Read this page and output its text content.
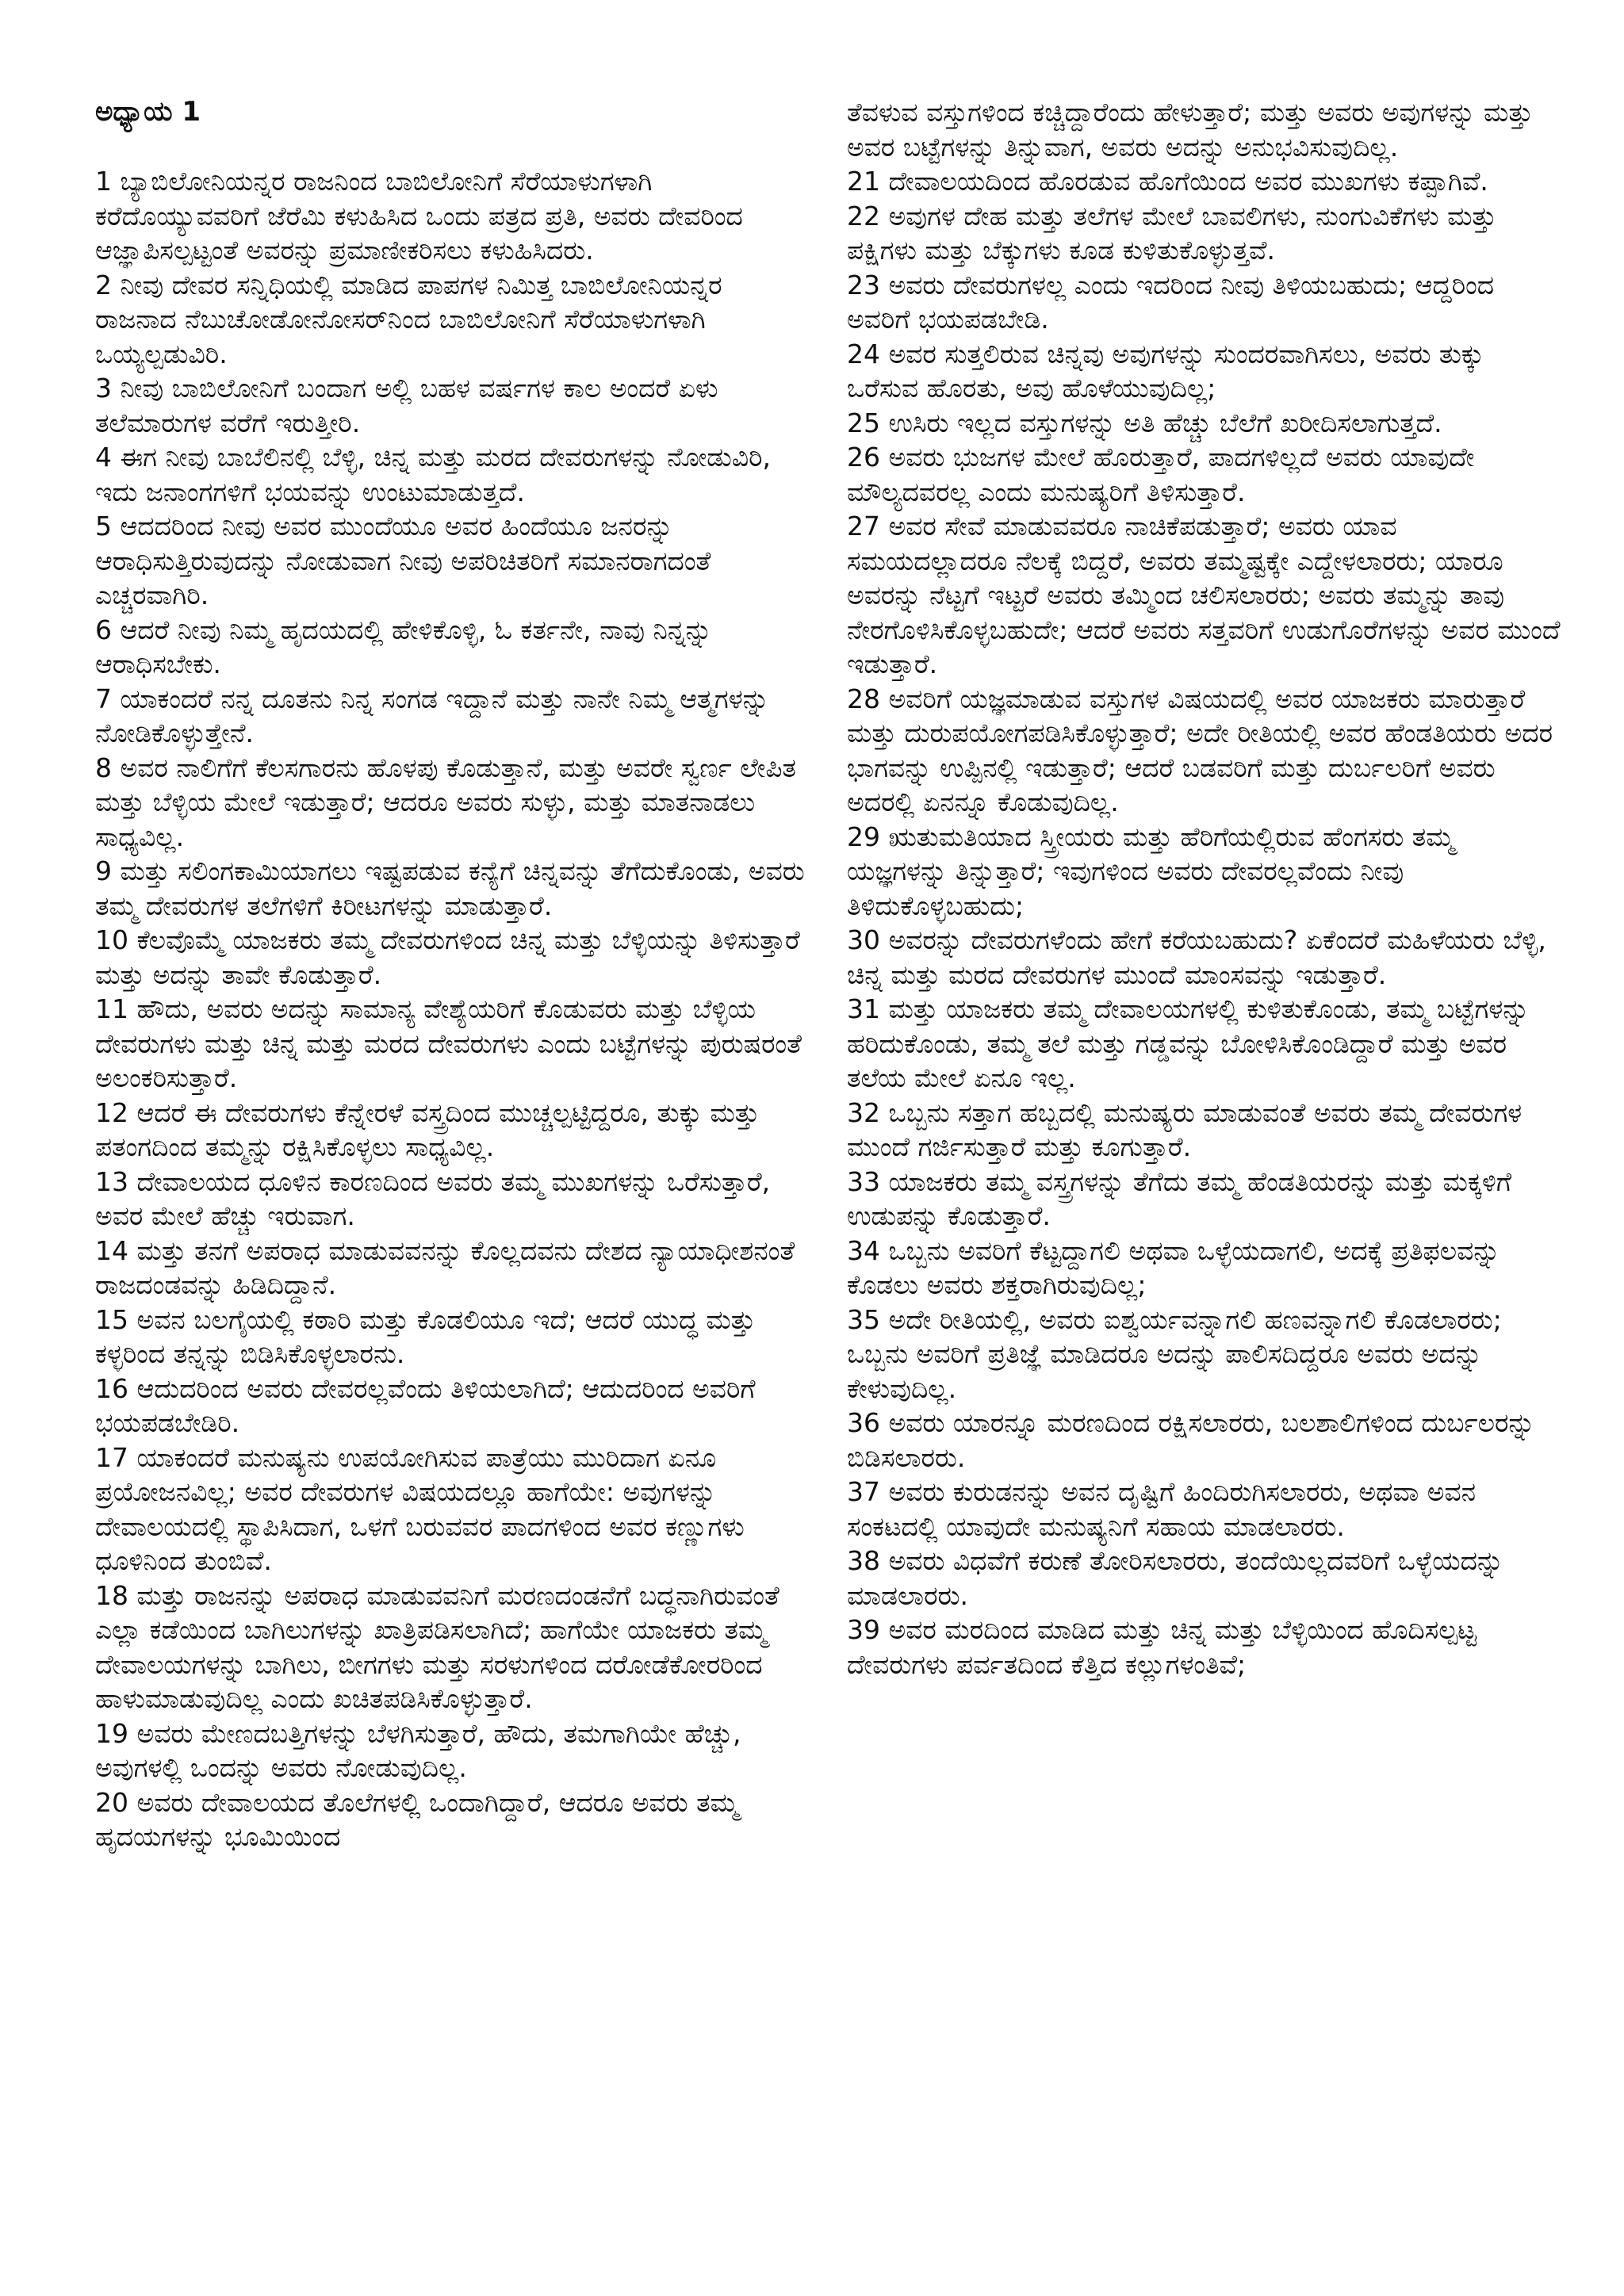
ಅಧ್ಯಾಯ 1

1 ಬ್ಯಾಬಿಲೋನಿಯನ್ನರ ರಾಜನಿಂದ ಬಾಬಿಲೋನಿಗೆ ಸೆರೆಯಾಳುಗಳಾಗಿ ಕರೆದೊಯ್ಯುವವರಿಗೆ ಜೆರೆಮಿ ಕಳುಹಿಸಿದ ಒಂದು ಪತ್ರದ ಪ್ರತಿ, ಅವರು ದೇವರಿಂದ ಆಜ್ಞಾಪಿಸಲ್ಪಟ್ಟಂತೆ ಅವರನ್ನು ಪ್ರಮಾಣೀಕರಿಸಲು ಕಳುಹಿಸಿದರು.

2 ನೀವು ದೇವರ ಸನ್ನಿಧಿಯಲ್ಲಿ ಮಾಡಿದ ಪಾಪಗಳ ನಿಮಿತ್ತ ಬಾಬಿಲೋನಿಯನ್ನರ ರಾಜನಾದ ನೆಬುಚೋಡೋನೋಸರ್‌ನಿಂದ ಬಾಬಿಲೋನಿಗೆ ಸೆರೆಯಾಳುಗಳಾಗಿ ಒಯ್ಯಲ್ಪಡುವಿರಿ.

3 ನೀವು ಬಾಬಿಲೋನಿಗೆ ಬಂದಾಗ ಅಲ್ಲಿ ಬಹಳ ವರ್ಷಗಳ ಕಾಲ ಅಂದರೆ ಏಳು ತಲೆಮಾರುಗಳ ವರೆಗೆ ಇರುತ್ತೀರಿ.

4 ಈಗ ನೀವು ಬಾಬೆಲಿನಲ್ಲಿ ಬೆಳ್ಳಿ, ಚಿನ್ನ ಮತ್ತು ಮರದ ದೇವರುಗಳನ್ನು ನೋಡುವಿರಿ, ಇದು ಜನಾಂಗಗಳಿಗೆ ಭಯವನ್ನು ಉಂಟುಮಾಡುತ್ತದೆ.

5 ಆದದರಿಂದ ನೀವು ಅವರ ಮುಂದೆಯೂ ಅವರ ಹಿಂದೆಯೂ ಜನರನ್ನು ಆರಾಧಿಸುತ್ತಿರುವುದನ್ನು ನೋಡುವಾಗ ನೀವು ಅಪರಿಚಿತರಿಗೆ ಸಮಾನರಾಗದಂತೆ ಎಚ್ಚರವಾಗಿರಿ.

6 ಆದರೆ ನೀವು ನಿಮ್ಮ ಹೃದಯದಲ್ಲಿ ಹೇಳಿಕೊಳ್ಳಿ, ಓ ಕರ್ತನೇ, ನಾವು ನಿನ್ನನ್ನು ಆರಾಧಿಸಬೇಕು.

7 ಯಾಕಂದರೆ ನನ್ನ ದೂತನು ನಿನ್ನ ಸಂಗಡ ಇದ್ದಾನೆ ಮತ್ತು ನಾನೇ ನಿಮ್ಮ ಆತ್ಮಗಳನ್ನು ನೋಡಿಕೊಳ್ಳುತ್ತೇನೆ.

8 ಅವರ ನಾಲಿಗೆಗೆ ಕೆಲಸಗಾರನು ಹೊಳಪು ಕೊಡುತ್ತಾನೆ, ಮತ್ತು ಅವರೇ ಸ್ವರ್ಣ ಲೇಪಿತ ಮತ್ತು ಬೆಳ್ಳಿಯ ಮೇಲೆ ಇಡುತ್ತಾರೆ; ಆದರೂ ಅವರು ಸುಳ್ಳು, ಮತ್ತು ಮಾತನಾಡಲು ಸಾಧ್ಯವಿಲ್ಲ.

9 ಮತ್ತು ಸಲಿಂಗಕಾಮಿಯಾಗಲು ಇಷ್ಟಪಡುವ ಕನ್ಯೆಗೆ ಚಿನ್ನವನ್ನು ತೆಗೆದುಕೊಂಡು, ಅವರು ತಮ್ಮ ದೇವರುಗಳ ತಲೆಗಳಿಗೆ ಕಿರೀಟಗಳನ್ನು ಮಾಡುತ್ತಾರೆ.

10 ಕೆಲವೊಮ್ಮೆ ಯಾಜಕರು ತಮ್ಮ ದೇವರುಗಳಿಂದ ಚಿನ್ನ ಮತ್ತು ಬೆಳ್ಳಿಯನ್ನು ತಿಳಿಸುತ್ತಾರೆ ಮತ್ತು ಅದನ್ನು ತಾವೇ ಕೊಡುತ್ತಾರೆ.

11 ಹೌದು, ಅವರು ಅದನ್ನು ಸಾಮಾನ್ಯ ವೇಶ್ಯೆಯರಿಗೆ ಕೊಡುವರು ಮತ್ತು ಬೆಳ್ಳಿಯ ದೇವರುಗಳು ಮತ್ತು ಚಿನ್ನ ಮತ್ತು ಮರದ ದೇವರುಗಳು ಎಂದು ಬಟ್ಟೆಗಳನ್ನು ಪುರುಷರಂತೆ ಅಲಂಕರಿಸುತ್ತಾರೆ.

12 ಆದರೆ ಈ ದೇವರುಗಳು ಕೆನ್ನೇರಳೆ ವಸ್ತ್ರದಿಂದ ಮುಚ್ಚಲ್ಪಟ್ಟಿದ್ದರೂ, ತುಕ್ಕು ಮತ್ತು ಪತಂಗದಿಂದ ತಮ್ಮನ್ನು ರಕ್ಷಿಸಿಕೊಳ್ಳಲು ಸಾಧ್ಯವಿಲ್ಲ.

13 ದೇವಾಲಯದ ಧೂಳಿನ ಕಾರಣದಿಂದ ಅವರು ತಮ್ಮ ಮುಖಗಳನ್ನು ಒರೆಸುತ್ತಾರೆ, ಅವರ ಮೇಲೆ ಹೆಚ್ಚು ಇರುವಾಗ.

14 ಮತ್ತು ತನಗೆ ಅಪರಾಧ ಮಾಡುವವನನ್ನು ಕೊಲ್ಲದವನು ದೇಶದ ನ್ಯಾಯಾಧೀಶನಂತೆ ರಾಜದಂಡವನ್ನು ಹಿಡಿದಿದ್ದಾನೆ.

15 ಅವನ ಬಲಗೈಯಲ್ಲಿ ಕಠಾರಿ ಮತ್ತು ಕೊಡಲಿಯೂ ಇದೆ; ಆದರೆ ಯುದ್ಧ ಮತ್ತು ಕಳ್ಳರಿಂದ ತನ್ನನ್ನು ಬಿಡಿಸಿಕೊಳ್ಳಲಾರನು.

16 ಆದುದರಿಂದ ಅವರು ದೇವರಲ್ಲವೆಂದು ತಿಳಿಯಲಾಗಿದೆ; ಆದುದರಿಂದ ಅವರಿಗೆ ಭಯಪಡಬೇಡಿರಿ.

17 ಯಾಕಂದರೆ ಮನುಷ್ಯನು ಉಪಯೋಗಿಸುವ ಪಾತ್ರೆಯು ಮುರಿದಾಗ ಏನೂ ಪ್ರಯೋಜನವಿಲ್ಲ; ಅವರ ದೇವರುಗಳ ವಿಷಯದಲ್ಲೂ ಹಾಗೆಯೇ: ಅವುಗಳನ್ನು ದೇವಾಲಯದಲ್ಲಿ ಸ್ಥಾಪಿಸಿದಾಗ, ಒಳಗೆ ಬರುವವರ ಪಾದಗಳಿಂದ ಅವರ ಕಣ್ಣುಗಳು ಧೂಳಿನಿಂದ ತುಂಬಿವೆ.

18 ಮತ್ತು ರಾಜನನ್ನು ಅಪರಾಧ ಮಾಡುವವನಿಗೆ ಮರಣದಂಡನೆಗೆ ಬದ್ಧನಾಗಿರುವಂತೆ ಎಲ್ಲಾ ಕಡೆಯಿಂದ ಬಾಗಿಲುಗಳನ್ನು ಖಾತ್ರಿಪಡಿಸಲಾಗಿದೆ; ಹಾಗೆಯೇ ಯಾಜಕರು ತಮ್ಮ ದೇವಾಲಯಗಳನ್ನು ಬಾಗಿಲು, ಬೀಗಗಳು ಮತ್ತು ಸರಳುಗಳಿಂದ ದರೋಡೆಕೋರರಿಂದ ಹಾಳುಮಾಡುವುದಿಲ್ಲ ಎಂದು ಖಚಿತಪಡಿಸಿಕೊಳ್ಳುತ್ತಾರೆ.

19 ಅವರು ಮೇಣದಬತ್ತಿಗಳನ್ನು ಬೆಳಗಿಸುತ್ತಾರೆ, ಹೌದು, ತಮಗಾಗಿಯೇ ಹೆಚ್ಚು, ಅವುಗಳಲ್ಲಿ ಒಂದನ್ನು ಅವರು ನೋಡುವುದಿಲ್ಲ.

20 ಅವರು ದೇವಾಲಯದ ತೊಲೆಗಳಲ್ಲಿ ಒಂದಾಗಿದ್ದಾರೆ, ಆದರೂ ಅವರು ತಮ್ಮ ಹೃದಯಗಳನ್ನು ಭೂಮಿಯಿಂದ

ತೆವಳುವ ವಸ್ತುಗಳಿಂದ ಕಚ್ಚಿದ್ದಾರೆಂದು ಹೇಳುತ್ತಾರೆ; ಮತ್ತು ಅವರು ಅವುಗಳನ್ನು ಮತ್ತು ಅವರ ಬಟ್ಟೆಗಳನ್ನು ತಿನ್ನುವಾಗ, ಅವರು ಅದನ್ನು ಅನುಭವಿಸುವುದಿಲ್ಲ.

21 ದೇವಾಲಯದಿಂದ ಹೊರಡುವ ಹೊಗೆಯಿಂದ ಅವರ ಮುಖಗಳು ಕಪ್ಪಾಗಿವೆ.

22 ಅವುಗಳ ದೇಹ ಮತ್ತು ತಲೆಗಳ ಮೇಲೆ ಬಾವಲಿಗಳು, ನುಂಗುವಿಕೆಗಳು ಮತ್ತು ಪಕ್ಷಿಗಳು ಮತ್ತು ಬೆಕ್ಕುಗಳು ಕೂಡ ಕುಳಿತುಕೊಳ್ಳುತ್ತವೆ.

23 ಅವರು ದೇವರುಗಳಲ್ಲ ಎಂದು ಇದರಿಂದ ನೀವು ತಿಳಿಯಬಹುದು; ಆದ್ದರಿಂದ ಅವರಿಗೆ ಭಯಪಡಬೇಡಿ.

24 ಅವರ ಸುತ್ತಲಿರುವ ಚಿನ್ನವು ಅವುಗಳನ್ನು ಸುಂದರವಾಗಿಸಲು, ಅವರು ತುಕ್ಕು ಒರೆಸುವ ಹೊರತು, ಅವು ಹೊಳೆಯುವುದಿಲ್ಲ;

25 ಉಸಿರು ಇಲ್ಲದ ವಸ್ತುಗಳನ್ನು ಅತಿ ಹೆಚ್ಚು ಬೆಲೆಗೆ ಖರೀದಿಸಲಾಗುತ್ತದೆ.

26 ಅವರು ಭುಜಗಳ ಮೇಲೆ ಹೊರುತ್ತಾರೆ, ಪಾದಗಳಿಲ್ಲದೆ ಅವರು ಯಾವುದೇ ಮೌಲ್ಯದವರಲ್ಲ ಎಂದು ಮನುಷ್ಯರಿಗೆ ತಿಳಿಸುತ್ತಾರೆ.

27 ಅವರ ಸೇವೆ ಮಾಡುವವರೂ ನಾಚಿಕೆಪಡುತ್ತಾರೆ; ಅವರು ಯಾವ ಸಮಯದಲ್ಲಾದರೂ ನೆಲಕ್ಕೆ ಬಿದ್ದರೆ, ಅವರು ತಮ್ಮಷ್ಟಕ್ಕೇ ಎದ್ದೇಳಲಾರರು; ಯಾರೂ ಅವರನ್ನು ನೆಟ್ಟಗೆ ಇಟ್ಟರೆ ಅವರು ತಮ್ಮಿಂದ ಚಲಿಸಲಾರರು; ಅವರು ತಮ್ಮನ್ನು ತಾವು ನೇರಗೊಳಿಸಿಕೊಳ್ಳಬಹುದೇ; ಆದರೆ ಅವರು ಸತ್ತವರಿಗೆ ಉಡುಗೊರೆಗಳನ್ನು ಅವರ ಮುಂದೆ ಇಡುತ್ತಾರೆ.

28 ಅವರಿಗೆ ಯಜ್ಞಮಾಡುವ ವಸ್ತುಗಳ ವಿಷಯದಲ್ಲಿ ಅವರ ಯಾಜಕರು ಮಾರುತ್ತಾರೆ ಮತ್ತು ದುರುಪಯೋಗಪಡಿಸಿಕೊಳ್ಳುತ್ತಾರೆ; ಅದೇ ರೀತಿಯಲ್ಲಿ ಅವರ ಹೆಂಡತಿಯರು ಅದರ ಭಾಗವನ್ನು ಉಪ್ಪಿನಲ್ಲಿ ಇಡುತ್ತಾರೆ; ಆದರೆ ಬಡವರಿಗೆ ಮತ್ತು ದುರ್ಬಲರಿಗೆ ಅವರು ಅದರಲ್ಲಿ ಏನನ್ನೂ ಕೊಡುವುದಿಲ್ಲ.

29 ಋತುಮತಿಯಾದ ಸ್ತ್ರೀಯರು ಮತ್ತು ಹೆರಿಗೆಯಲ್ಲಿರುವ ಹೆಂಗಸರು ತಮ್ಮ ಯಜ್ಞಗಳನ್ನು ತಿನ್ನುತ್ತಾರೆ; ಇವುಗಳಿಂದ ಅವರು ದೇವರಲ್ಲವೆಂದು ನೀವು ತಿಳಿದುಕೊಳ್ಳಬಹುದು;

30 ಅವರನ್ನು ದೇವರುಗಳೆಂದು ಹೇಗೆ ಕರೆಯಬಹುದು? ಏಕೆಂದರೆ ಮಹಿಳೆಯರು ಬೆಳ್ಳಿ, ಚಿನ್ನ ಮತ್ತು ಮರದ ದೇವರುಗಳ ಮುಂದೆ ಮಾಂಸವನ್ನು ಇಡುತ್ತಾರೆ.

31 ಮತ್ತು ಯಾಜಕರು ತಮ್ಮ ದೇವಾಲಯಗಳಲ್ಲಿ ಕುಳಿತುಕೊಂಡು, ತಮ್ಮ ಬಟ್ಟೆಗಳನ್ನು ಹರಿದುಕೊಂಡು, ತಮ್ಮ ತಲೆ ಮತ್ತು ಗಡ್ಡವನ್ನು ಬೋಳಿಸಿಕೊಂಡಿದ್ದಾರೆ ಮತ್ತು ಅವರ ತಲೆಯ ಮೇಲೆ ಏನೂ ಇಲ್ಲ.

32 ಒಬ್ಬನು ಸತ್ತಾಗ ಹಬ್ಬದಲ್ಲಿ ಮನುಷ್ಯರು ಮಾಡುವಂತೆ ಅವರು ತಮ್ಮ ದೇವರುಗಳ ಮುಂದೆ ಗರ್ಜಿಸುತ್ತಾರೆ ಮತ್ತು ಕೂಗುತ್ತಾರೆ.

33 ಯಾಜಕರು ತಮ್ಮ ವಸ್ತ್ರಗಳನ್ನು ತೆಗೆದು ತಮ್ಮ ಹೆಂಡತಿಯರನ್ನು ಮತ್ತು ಮಕ್ಕಳಿಗೆ ಉಡುಪನ್ನು ಕೊಡುತ್ತಾರೆ.

34 ಒಬ್ಬನು ಅವರಿಗೆ ಕೆಟ್ಟದ್ದಾಗಲಿ ಅಥವಾ ಒಳ್ಳೆಯದಾಗಲಿ, ಅದಕ್ಕೆ ಪ್ರತಿಫಲವನ್ನು ಕೊಡಲು ಅವರು ಶಕ್ತರಾಗಿರುವುದಿಲ್ಲ;

35 ಅದೇ ರೀತಿಯಲ್ಲಿ, ಅವರು ಐಶ್ವರ್ಯವನ್ನಾಗಲಿ ಹಣವನ್ನಾಗಲಿ ಕೊಡಲಾರರು; ಒಬ್ಬನು ಅವರಿಗೆ ಪ್ರತಿಜ್ಞೆ ಮಾಡಿದರೂ ಅದನ್ನು ಪಾಲಿಸದಿದ್ದರೂ ಅವರು ಅದನ್ನು ಕೇಳುವುದಿಲ್ಲ.

36 ಅವರು ಯಾರನ್ನೂ ಮರಣದಿಂದ ರಕ್ಷಿಸಲಾರರು, ಬಲಶಾಲಿಗಳಿಂದ ದುರ್ಬಲರನ್ನು ಬಿಡಿಸಲಾರರು.

37 ಅವರು ಕುರುಡನನ್ನು ಅವನ ದೃಷ್ಟಿಗೆ ಹಿಂದಿರುಗಿಸಲಾರರು, ಅಥವಾ ಅವನ ಸಂಕಟದಲ್ಲಿ ಯಾವುದೇ ಮನುಷ್ಯನಿಗೆ ಸಹಾಯ ಮಾಡಲಾರರು.

38 ಅವರು ವಿಧವೆಗೆ ಕರುಣೆ ತೋರಿಸಲಾರರು, ತಂದೆಯಿಲ್ಲದವರಿಗೆ ಒಳ್ಳೆಯದನ್ನು ಮಾಡಲಾರರು.

39 ಅವರ ಮರದಿಂದ ಮಾಡಿದ ಮತ್ತು ಚಿನ್ನ ಮತ್ತು ಬೆಳ್ಳಿಯಿಂದ ಹೊದಿಸಲ್ಪಟ್ಟ ದೇವರುಗಳು ಪರ್ವತದಿಂದ ಕೆತ್ತಿದ ಕಲ್ಲುಗಳಂತಿವೆ;
